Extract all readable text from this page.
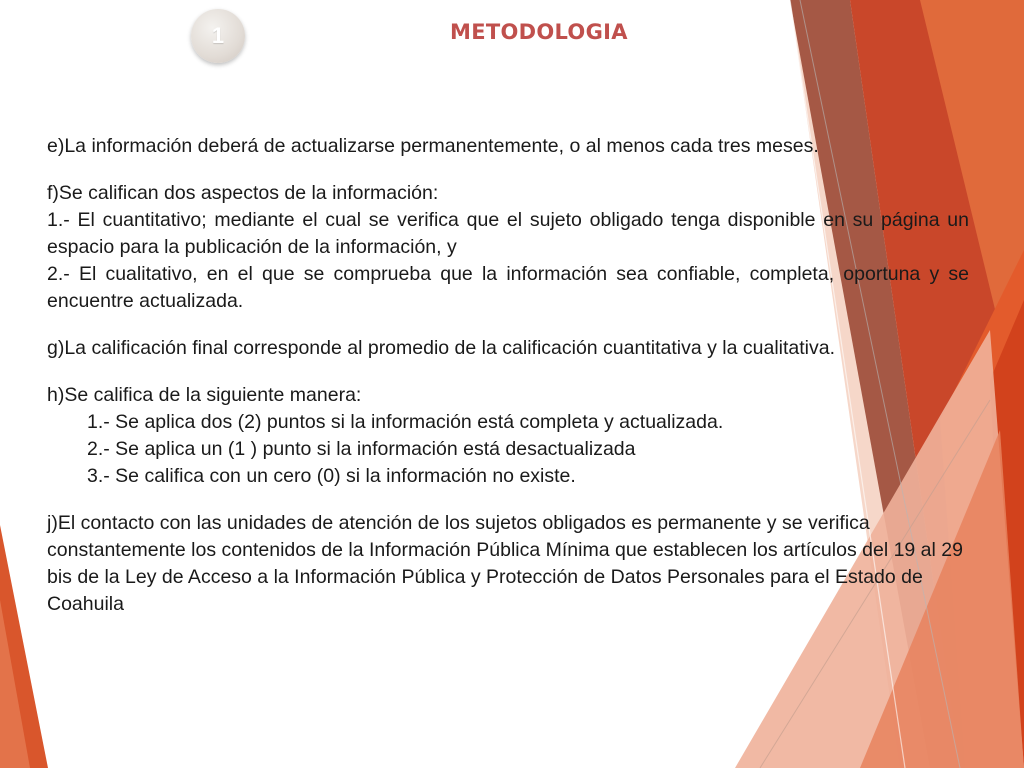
1	METODOLOGIA

e)La información deberá de actualizarse permanentemente, o al menos cada tres meses.

f)Se califican dos aspectos de la información:

1.- El cuantitativo; mediante el cual se verifica que el sujeto obligado tenga disponible en su página un espacio para la publicación de la información, y

2.- El cualitativo, en el que se comprueba que la información sea confiable, completa, oportuna y se encuentre actualizada.

g)La calificación final corresponde al promedio de la calificación cuantitativa y la cualitativa.

h)Se califica de la siguiente manera:

1.- Se aplica dos (2) puntos si la información está completa y actualizada.

2.- Se aplica un (1 ) punto si la información está desactualizada

3.- Se califica con un cero (0) si la información no existe.

j)El contacto con las unidades de atención de los sujetos obligados es permanente y se verifica constantemente los contenidos de la Información Pública Mínima que establecen los artículos del 19 al 29 bis de la Ley de Acceso a la Información Pública y Protección de Datos Personales para el Estado de Coahuila
